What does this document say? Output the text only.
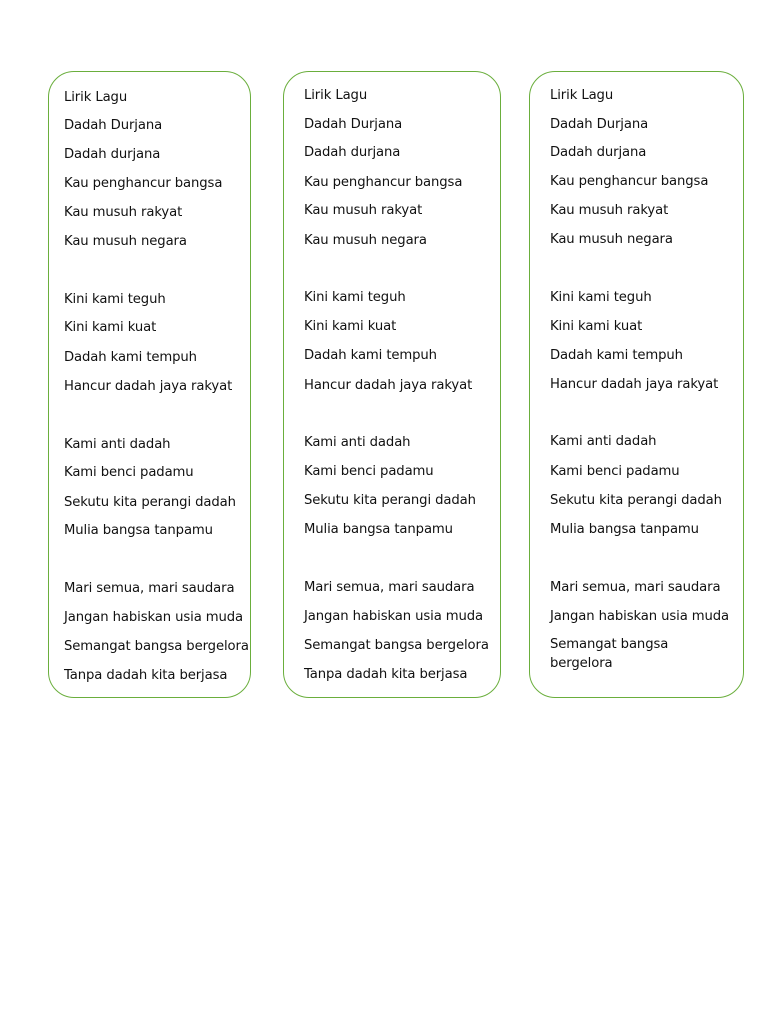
Lirik Lagu
Dadah Durjana
Dadah durjana
Kau penghancur bangsa
Kau musuh rakyat
Kau musuh negara
Kini kami teguh
Kini kami kuat
Dadah kami tempuh
Hancur dadah jaya rakyat
Kami anti dadah
Kami benci padamu
Sekutu kita perangi dadah
Mulia bangsa tanpamu
Mari semua, mari saudara
Jangan habiskan usia muda
Semangat bangsa bergelora
Tanpa dadah kita berjasa
Lirik Lagu
Dadah Durjana
Dadah durjana
Kau penghancur bangsa
Kau musuh rakyat
Kau musuh negara
Kini kami teguh
Kini kami kuat
Dadah kami tempuh
Hancur dadah jaya rakyat
Kami anti dadah
Kami benci padamu
Sekutu kita perangi dadah
Mulia bangsa tanpamu
Mari semua, mari saudara
Jangan habiskan usia muda
Semangat bangsa bergelora
Tanpa dadah kita berjasa
Lirik Lagu
Dadah Durjana
Dadah durjana
Kau penghancur bangsa
Kau musuh rakyat
Kau musuh negara
Kini kami teguh
Kini kami kuat
Dadah kami tempuh
Hancur dadah jaya rakyat
Kami anti dadah
Kami benci padamu
Sekutu kita perangi dadah
Mulia bangsa tanpamu
Mari semua, mari saudara
Jangan habiskan usia muda
Semangat bangsa bergelora
